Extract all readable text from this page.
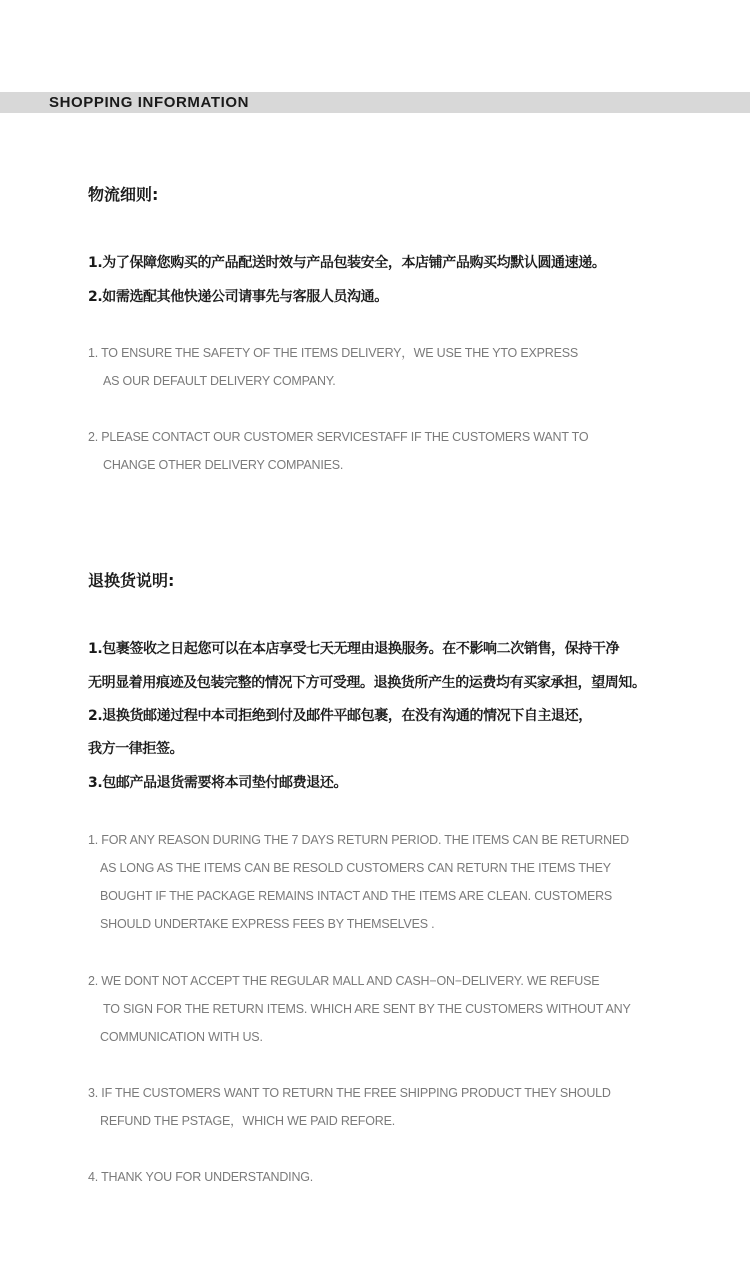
SHOPPING INFORMATION
物流细则:
1.为了保障您购买的产品配送时效与产品包装安全，本店铺产品购买均默认圆通速递。
2.如需选配其他快递公司请事先与客服人员沟通。
1. TO ENSURE THE SAFETY OF THE ITEMS DELIVERY，WE USE THE YTO EXPRESS
AS OUR DEFAULT DELIVERY COMPANY.
2. PLEASE CONTACT OUR CUSTOMER SERVICESTAFF IF THE CUSTOMERS WANT TO
CHANGE OTHER DELIVERY COMPANIES.
退换货说明:
1.包裹签收之日起您可以在本店享受七天无理由退换服务。在不影响二次销售，保持干净
无明显着用痕迹及包装完整的情况下方可受理。退换货所产生的运费均有买家承担，望周知。
2.退换货邮递过程中本司拒绝到付及邮件平邮包裹，在没有沟通的情况下自主退还，
我方一律拒签。
3.包邮产品退货需要将本司垫付邮费退还。
1. FOR ANY REASON DURING THE 7 DAYS RETURN PERIOD. THE ITEMS CAN BE RETURNED
AS LONG AS THE ITEMS CAN BE RESOLD CUSTOMERS CAN RETURN THE ITEMS THEY
BOUGHT IF THE PACKAGE REMAINS INTACT AND THE ITEMS ARE CLEAN. CUSTOMERS
SHOULD UNDERTAKE EXPRESS FEES BY THEMSELVES .
2. WE DONT NOT ACCEPT THE REGULAR MALL AND CASH−ON−DELIVERY. WE REFUSE
TO SIGN FOR THE RETURN ITEMS. WHICH ARE SENT BY THE CUSTOMERS WITHOUT ANY
COMMUNICATION WITH US.
3. IF THE CUSTOMERS WANT TO RETURN THE FREE SHIPPING PRODUCT THEY SHOULD
REFUND THE PSTAGE，WHICH WE PAID REFORE.
4. THANK YOU FOR UNDERSTANDING.
